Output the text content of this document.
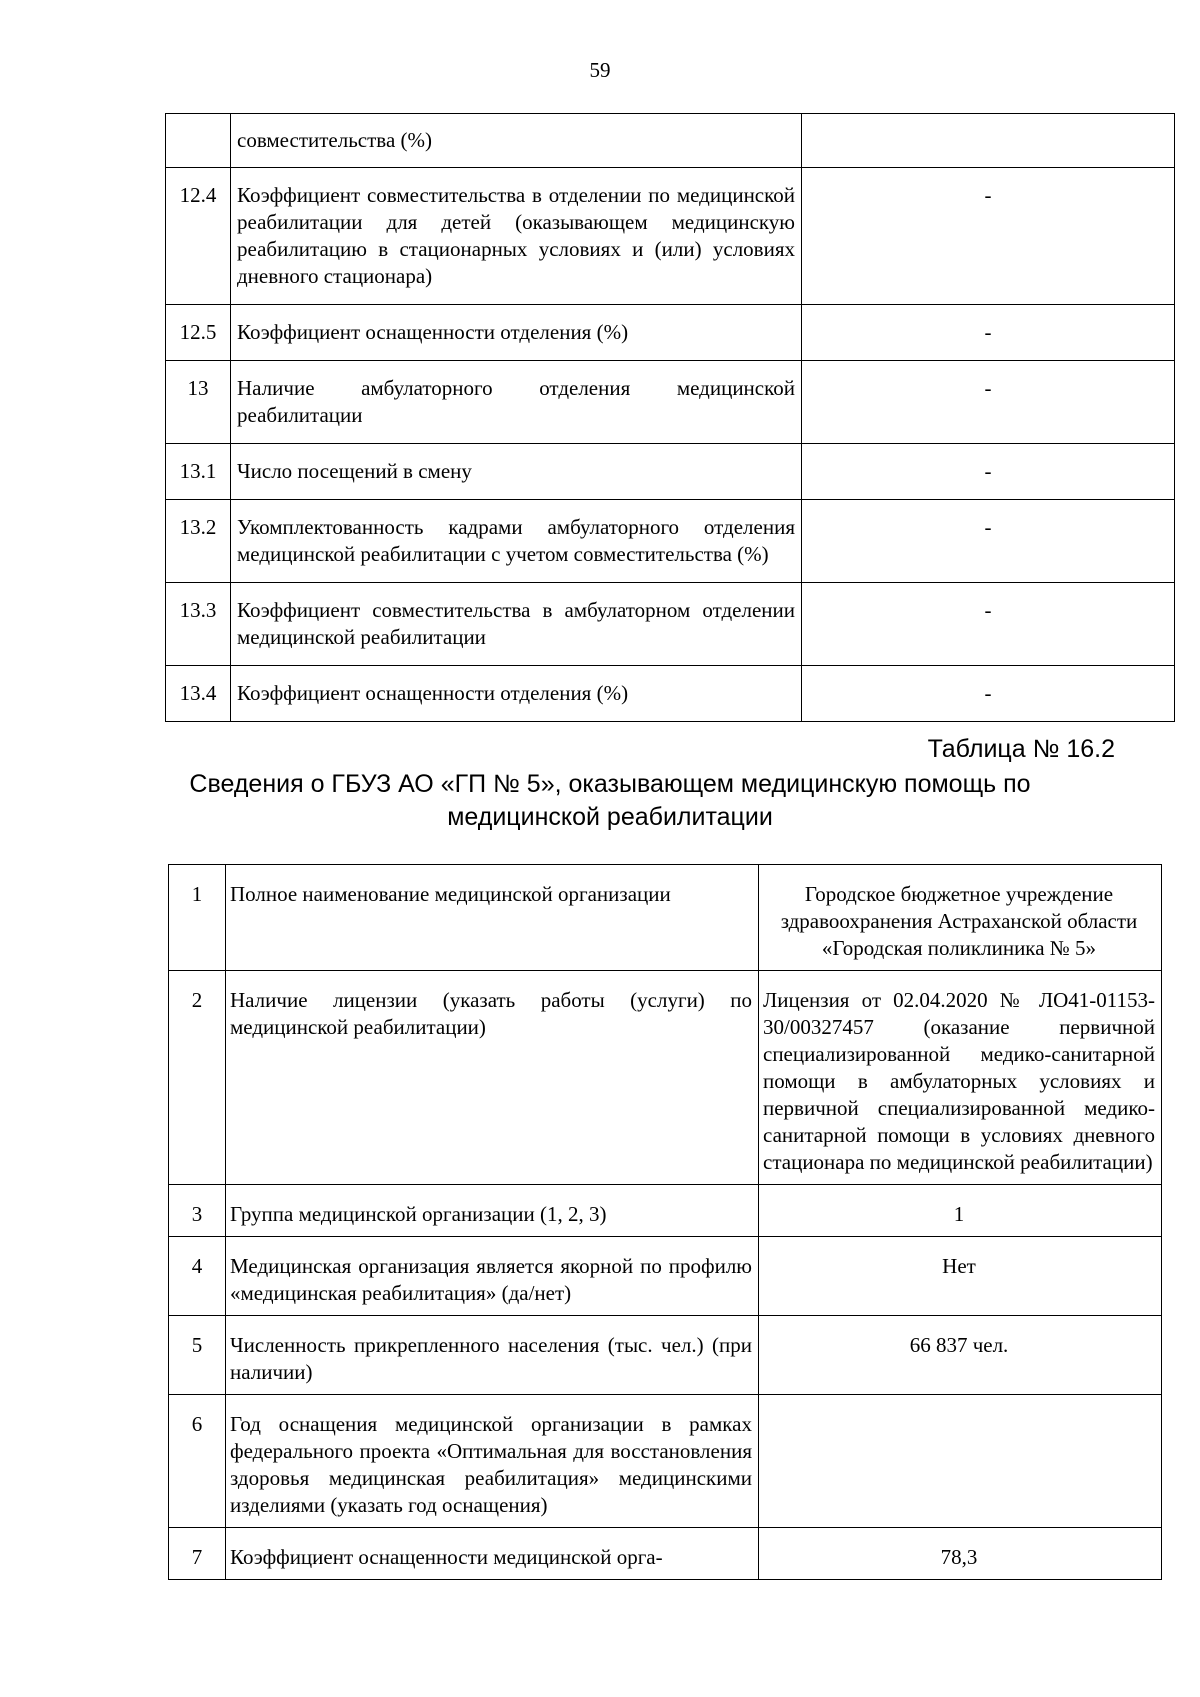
59
	совместительства (%)	
12.4	Коэффициент совместительства в отделении по медицинской реабилитации для детей (оказывающем медицинскую реабилитацию в стационарных условиях и (или) условиях дневного стационара)	-
12.5	Коэффициент оснащенности отделения (%)	-
13	Наличие амбулаторного отделения медицинской реабилитации	-
13.1	Число посещений в смену	-
13.2	Укомплектованность кадрами амбулаторного отделения медицинской реабилитации с учетом совместительства (%)	-
13.3	Коэффициент совместительства в амбулаторном отделении медицинской реабилитации	-
13.4	Коэффициент оснащенности отделения (%)	-
Таблица № 16.2
Сведения о ГБУЗ АО «ГП № 5», оказывающем медицинскую помощь по медицинской реабилитации
1	Полное наименование медицинской организации	Городское бюджетное учреждение здравоохранения Астраханской области «Городская поликлиника № 5»
2	Наличие лицензии (указать работы (услуги) по медицинской реабилитации)	Лицензия от 02.04.2020 № ЛО41-01153-30/00327457 (оказание первичной специализированной медико-санитарной помощи в амбулаторных условиях и первичной специализированной медико-санитарной помощи в условиях дневного стационара по медицинской реабилитации)
3	Группа медицинской организации (1, 2, 3)	1
4	Медицинская организация является якорной по профилю «медицинская реабилитация» (да/нет)	Нет
5	Численность прикрепленного населения (тыс. чел.) (при наличии)	66 837 чел.
6	Год оснащения медицинской организации в рамках федерального проекта «Оптимальная для восстановления здоровья медицинская реабилитация» медицинскими изделиями (указать год оснащения)	
7	Коэффициент оснащенности медицинской орга-	78,3
